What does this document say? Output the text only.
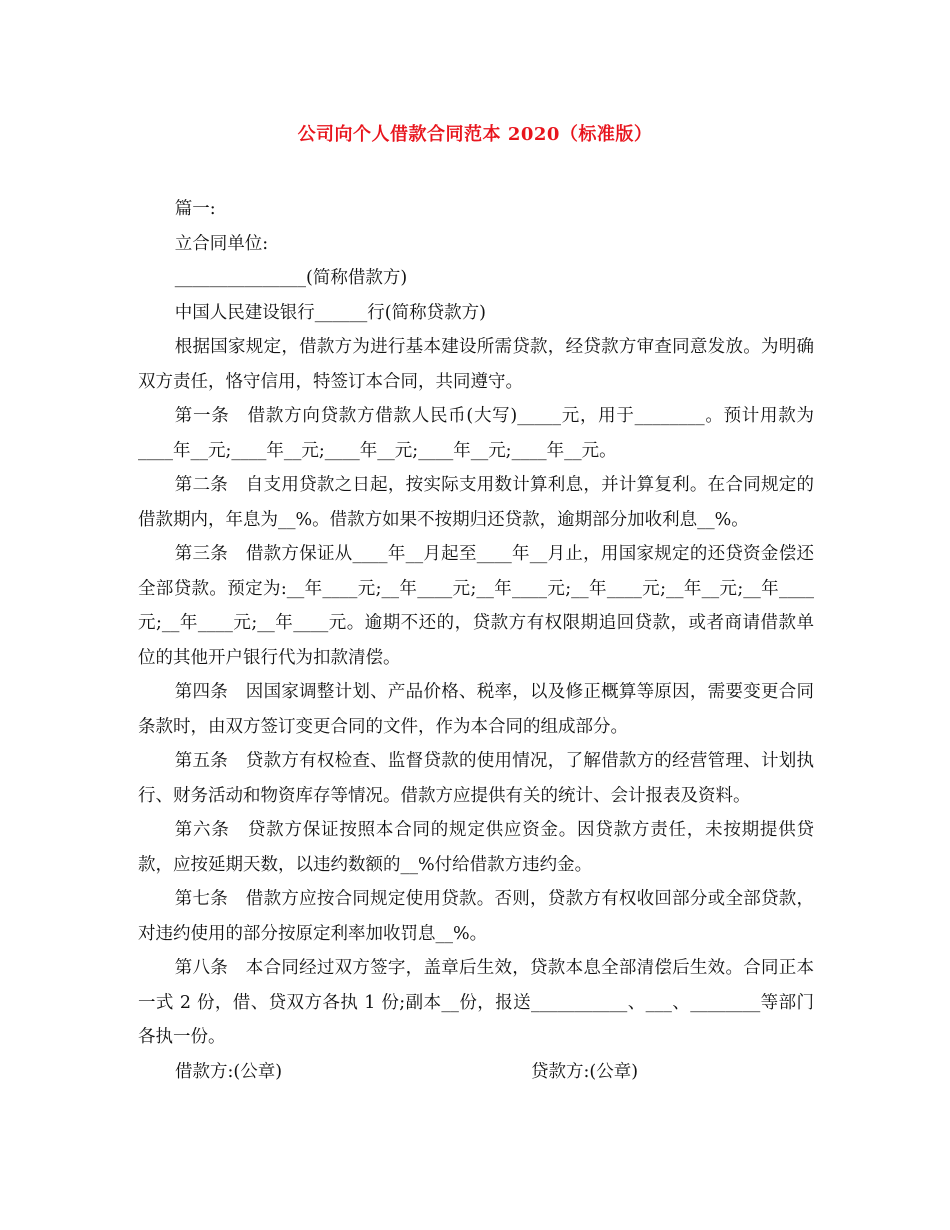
公司向个人借款合同范本 2020（标准版）

篇一:

立合同单位:

_______________(简称借款方)

中国人民建设银行______行(简称贷款方)

根据国家规定，借款方为进行基本建设所需贷款，经贷款方审查同意发放。为明确双方责任，恪守信用，特签订本合同，共同遵守。

第一条　借款方向贷款方借款人民币(大写)_____元，用于________。预计用款为____年__元;____年__元;____年__元;____年__元;____年__元。

第二条　自支用贷款之日起，按实际支用数计算利息，并计算复利。在合同规定的借款期内，年息为__%。借款方如果不按期归还贷款，逾期部分加收利息__%。

第三条　借款方保证从____年__月起至____年__月止，用国家规定的还贷资金偿还全部贷款。预定为:__年____元;__年____元;__年____元;__年____元;__年__元;__年____元;__年____元;__年____元。逾期不还的，贷款方有权限期追回贷款，或者商请借款单位的其他开户银行代为扣款清偿。

第四条　因国家调整计划、产品价格、税率，以及修正概算等原因，需要变更合同条款时，由双方签订变更合同的文件，作为本合同的组成部分。

第五条　贷款方有权检查、监督贷款的使用情况，了解借款方的经营管理、计划执行、财务活动和物资库存等情况。借款方应提供有关的统计、会计报表及资料。

第六条　贷款方保证按照本合同的规定供应资金。因贷款方责任，未按期提供贷款，应按延期天数，以违约数额的__%付给借款方违约金。

第七条　借款方应按合同规定使用贷款。否则，贷款方有权收回部分或全部贷款，对违约使用的部分按原定利率加收罚息__%。

第八条　本合同经过双方签字，盖章后生效，贷款本息全部清偿后生效。合同正本一式 2 份，借、贷双方各执 1 份;副本__份，报送___________、___、________等部门各执一份。

借款方:(公章)	贷款方:(公章)
